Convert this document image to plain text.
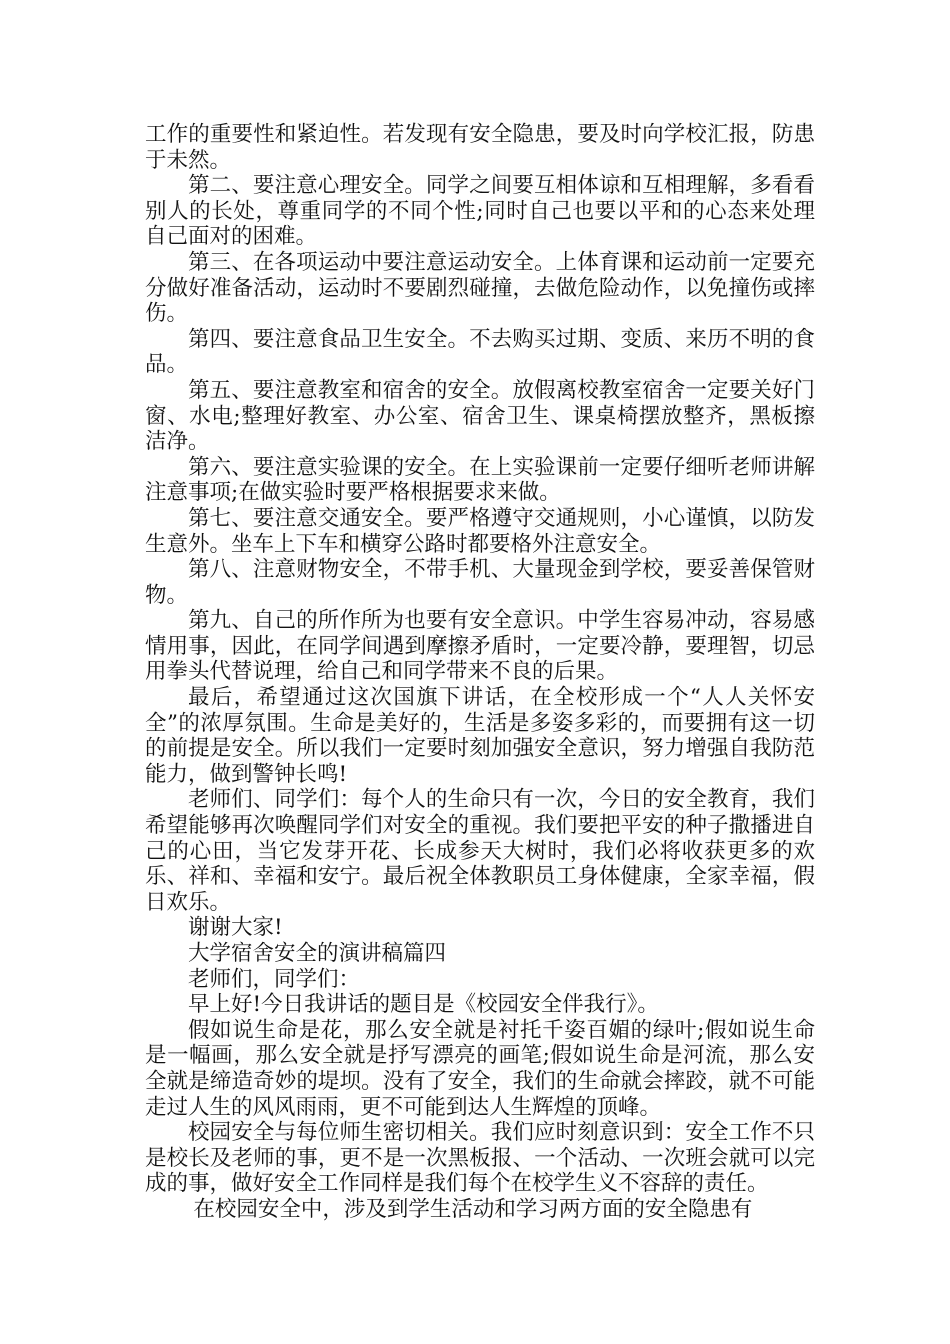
工作的重要性和紧迫性。若发现有安全隐患，要及时向学校汇报，防患于未然。

第二、要注意心理安全。同学之间要互相体谅和互相理解，多看看别人的长处，尊重同学的不同个性;同时自己也要以平和的心态来处理自己面对的困难。

第三、在各项运动中要注意运动安全。上体育课和运动前一定要充分做好准备活动，运动时不要剧烈碰撞，去做危险动作，以免撞伤或摔伤。

第四、要注意食品卫生安全。不去购买过期、变质、来历不明的食品。

第五、要注意教室和宿舍的安全。放假离校教室宿舍一定要关好门窗、水电;整理好教室、办公室、宿舍卫生、课桌椅摆放整齐，黑板擦洁净。

第六、要注意实验课的安全。在上实验课前一定要仔细听老师讲解注意事项;在做实验时要严格根据要求来做。

第七、要注意交通安全。要严格遵守交通规则，小心谨慎，以防发生意外。坐车上下车和横穿公路时都要格外注意安全。

第八、注意财物安全，不带手机、大量现金到学校，要妥善保管财物。

第九、自己的所作所为也要有安全意识。中学生容易冲动，容易感情用事，因此，在同学间遇到摩擦矛盾时，一定要冷静，要理智，切忌用拳头代替说理，给自己和同学带来不良的后果。

最后，希望通过这次国旗下讲话，在全校形成一个“人人关怀安全”的浓厚氛围。生命是美好的，生活是多姿多彩的，而要拥有这一切的前提是安全。所以我们一定要时刻加强安全意识，努力增强自我防范能力，做到警钟长鸣!

老师们、同学们：每个人的生命只有一次，今日的安全教育，我们希望能够再次唤醒同学们对安全的重视。我们要把平安的种子撒播进自己的心田，当它发芽开花、长成参天大树时，我们必将收获更多的欢乐、祥和、幸福和安宁。最后祝全体教职员工身体健康，全家幸福，假日欢乐。

谢谢大家!

大学宿舍安全的演讲稿篇四

老师们，同学们：

早上好!今日我讲话的题目是《校园安全伴我行》。

假如说生命是花，那么安全就是衬托千姿百媚的绿叶;假如说生命是一幅画，那么安全就是抒写漂亮的画笔;假如说生命是河流，那么安全就是缔造奇妙的堤坝。没有了安全，我们的生命就会摔跤，就不可能走过人生的风风雨雨，更不可能到达人生辉煌的顶峰。

校园安全与每位师生密切相关。我们应时刻意识到：安全工作不只是校长及老师的事，更不是一次黑板报、一个活动、一次班会就可以完成的事，做好安全工作同样是我们每个在校学生义不容辞的责任。

在校园安全中，涉及到学生活动和学习两方面的安全隐患有
